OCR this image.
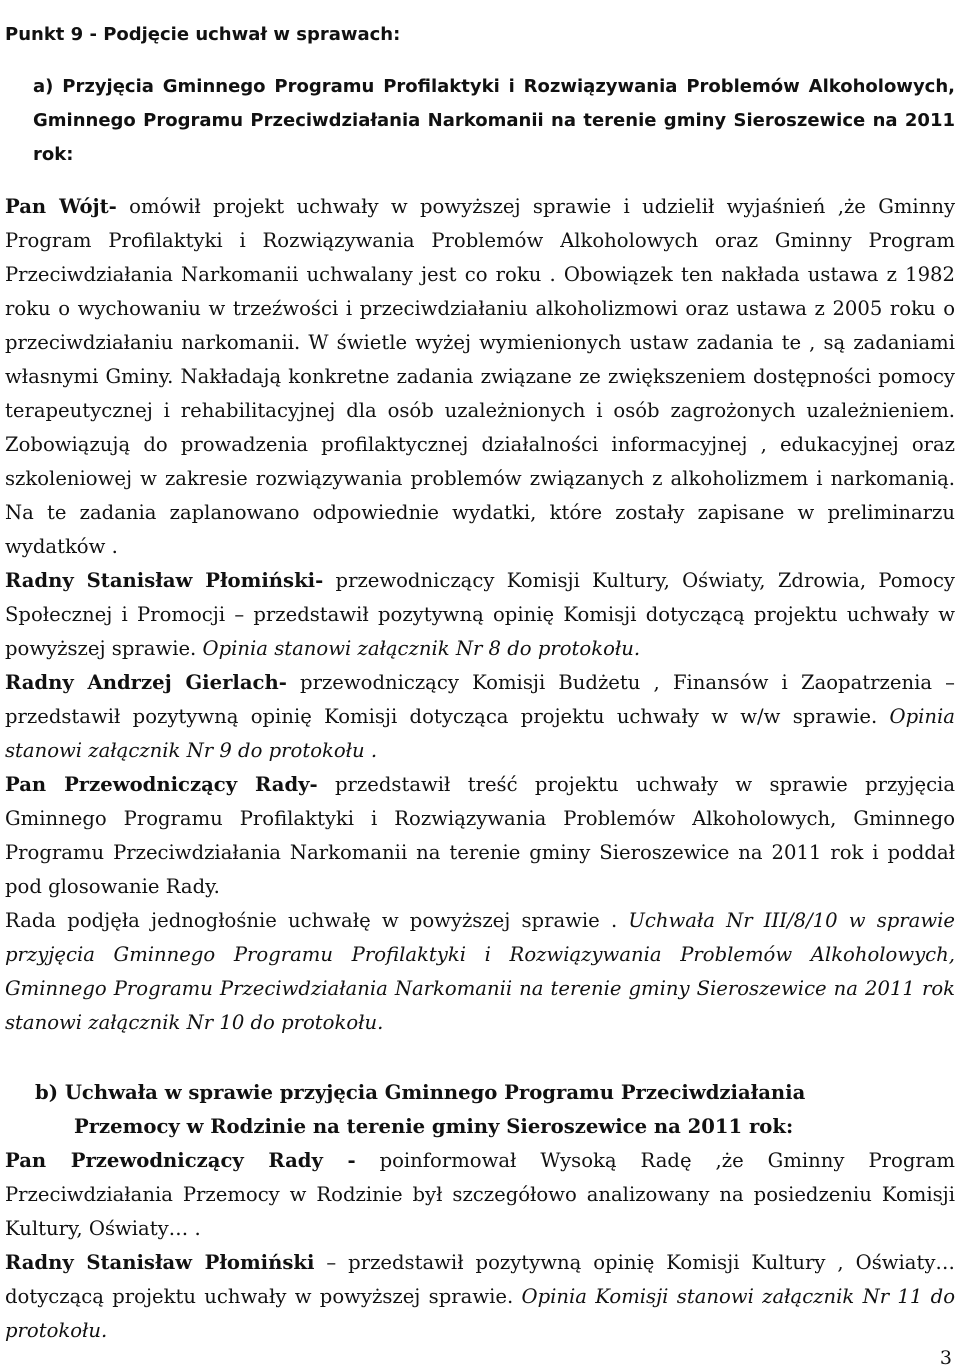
Punkt 9 - Podjęcie uchwał w sprawach:

a) Przyjęcia Gminnego Programu Profilaktyki i Rozwiązywania Problemów Alkoholowych, Gminnego Programu Przeciwdziałania Narkomanii na terenie gminy Sieroszewice na 2011 rok:

Pan Wójt- omówił projekt uchwały w powyższej sprawie i udzielił wyjaśnień ,że Gminny Program Profilaktyki i Rozwiązywania Problemów Alkoholowych oraz Gminny Program Przeciwdziałania Narkomanii uchwalany jest co roku . Obowiązek ten nakłada ustawa z 1982 roku o wychowaniu w trzeźwości i przeciwdziałaniu alkoholizmowi oraz ustawa z 2005 roku o przeciwdziałaniu narkomanii. W świetle wyżej wymienionych ustaw zadania te , są zadaniami własnymi Gminy. Nakładają konkretne zadania związane ze zwiększeniem dostępności pomocy terapeutycznej i rehabilitacyjnej dla osób uzależnionych i osób zagrożonych uzależnieniem. Zobowiązują do prowadzenia profilaktycznej działalności informacyjnej , edukacyjnej oraz szkoleniowej w zakresie rozwiązywania problemów związanych z alkoholizmem i narkomanią. Na te zadania zaplanowano odpowiednie wydatki, które zostały zapisane w preliminarzu wydatków .

Radny Stanisław Płomiński- przewodniczący Komisji Kultury, Oświaty, Zdrowia, Pomocy Społecznej i Promocji – przedstawił pozytywną opinię Komisji dotyczącą projektu uchwały w powyższej sprawie. Opinia stanowi załącznik Nr 8 do protokołu.

Radny Andrzej Gierlach- przewodniczący Komisji Budżetu , Finansów i Zaopatrzenia – przedstawił pozytywną opinię Komisji dotycząca projektu uchwały w w/w sprawie. Opinia stanowi załącznik Nr 9 do protokołu .

Pan Przewodniczący Rady- przedstawił treść projektu uchwały w sprawie przyjęcia Gminnego Programu Profilaktyki i Rozwiązywania Problemów Alkoholowych, Gminnego Programu Przeciwdziałania Narkomanii na terenie gminy Sieroszewice na 2011 rok i poddał pod glosowanie Rady.

Rada podjęła jednogłośnie uchwałę w powyższej sprawie . Uchwała Nr III/8/10 w sprawie przyjęcia Gminnego Programu Profilaktyki i Rozwiązywania Problemów Alkoholowych, Gminnego Programu Przeciwdziałania Narkomanii na terenie gminy Sieroszewice na 2011 rok stanowi załącznik Nr 10 do protokołu.

b) Uchwała w sprawie przyjęcia Gminnego Programu Przeciwdziałania
Przemocy w Rodzinie na terenie gminy Sieroszewice na 2011 rok:

Pan Przewodniczący Rady - poinformował Wysoką Radę ,że Gminny Program Przeciwdziałania Przemocy w Rodzinie był szczegółowo analizowany na posiedzeniu Komisji Kultury, Oświaty… .

Radny Stanisław Płomiński – przedstawił pozytywną opinię Komisji Kultury , Oświaty… dotyczącą projektu uchwały w powyższej sprawie. Opinia Komisji stanowi załącznik Nr 11 do protokołu.

3
